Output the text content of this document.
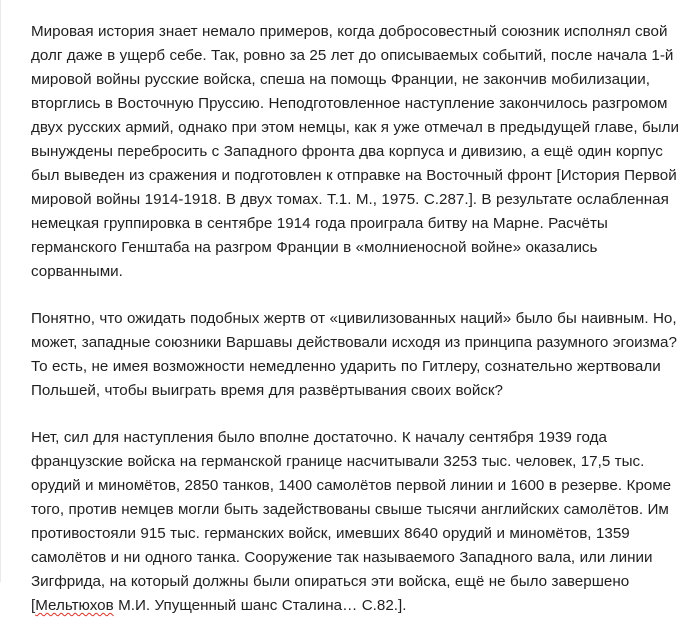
Мировая история знает немало примеров, когда добросовестный союзник исполнял свой долг даже в ущерб себе. Так, ровно за 25 лет до описываемых событий, после начала 1-й мировой войны русские войска, спеша на помощь Франции, не закончив мобилизации, вторглись в Восточную Пруссию. Неподготовленное наступление закончилось разгромом двух русских армий, однако при этом немцы, как я уже отмечал в предыдущей главе, были вынуждены перебросить с Западного фронта два корпуса и дивизию, а ещё один корпус был выведен из сражения и подготовлен к отправке на Восточный фронт [История Первой мировой войны 1914-1918. В двух томах. Т.1. М., 1975. С.287.]. В результате ослабленная немецкая группировка в сентябре 1914 года проиграла битву на Марне. Расчёты германского Генштаба на разгром Франции в «молниеносной войне» оказались сорванными.

Понятно, что ожидать подобных жертв от «цивилизованных наций» было бы наивным. Но, может, западные союзники Варшавы действовали исходя из принципа разумного эгоизма? То есть, не имея возможности немедленно ударить по Гитлеру, сознательно жертвовали Польшей, чтобы выиграть время для развёртывания своих войск?

Нет, сил для наступления было вполне достаточно. К началу сентября 1939 года французские войска на германской границе насчитывали 3253 тыс. человек, 17,5 тыс. орудий и миномётов, 2850 танков, 1400 самолётов первой линии и 1600 в резерве. Кроме того, против немцев могли быть задействованы свыше тысячи английских самолётов. Им противостояли 915 тыс. германских войск, имевших 8640 орудий и миномётов, 1359 самолётов и ни одного танка. Сооружение так называемого Западного вала, или линии Зигфрида, на который должны были опираться эти войска, ещё не было завершено [Мельтюхов М.И. Упущенный шанс Сталина… С.82.].
